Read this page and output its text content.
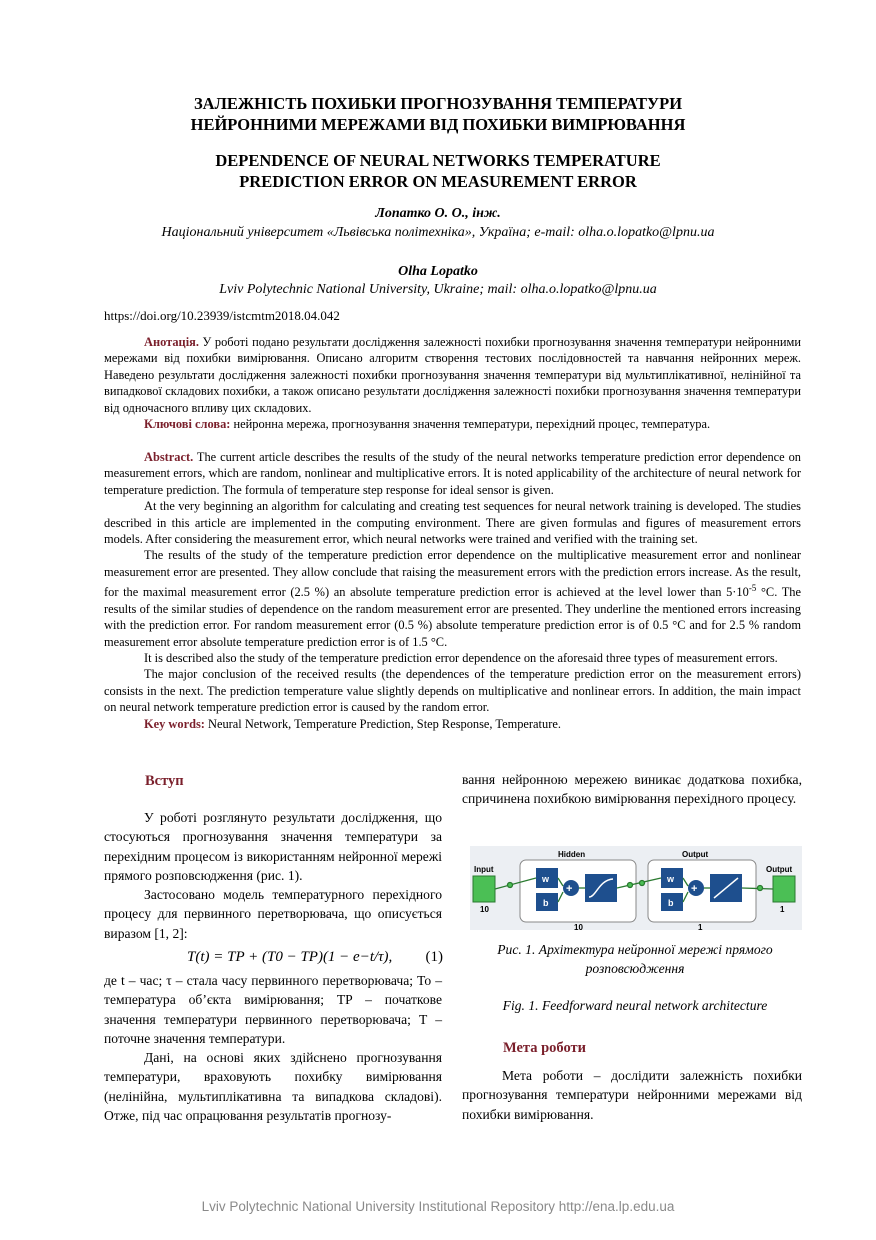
ЗАЛЕЖНІСТЬ ПОХИБКИ ПРОГНОЗУВАННЯ ТЕМПЕРАТУРИ
НЕЙРОННИМИ МЕРЕЖАМИ ВІД ПОХИБКИ ВИМІРЮВАННЯ
DEPENDENCE OF NEURAL NETWORKS TEMPERATURE
PREDICTION ERROR ON MEASUREMENT ERROR
Лопатко О. О., інж.
Національний університет «Львівська політехніка», Україна; e-mail: olha.o.lopatko@lpnu.ua
Olha Lopatko
Lviv Polytechnic National University, Ukraine; mail: olha.o.lopatko@lpnu.ua
https://doi.org/10.23939/istcmtm2018.04.042

Анотація. У роботі подано результати дослідження залежності похибки прогнозування значення температури нейронними мережами від похибки вимірювання. Описано алгоритм створення тестових послідовностей та навчання нейронних мереж. Наведено результати дослідження залежності похибки прогнозування значення температури від мультиплікативної, нелінійної та випадкової складових похибки, а також описано результати дослідження залежності похибки прогнозування значення температури від одночасного впливу цих складових.

Ключові слова: нейронна мережа, прогнозування значення температури, перехідний процес, температура.

Abstract. The current article describes the results of the study of the neural networks temperature prediction error dependence on measurement errors, which are random, nonlinear and multiplicative errors. It is noted applicability of the architecture of neural network for temperature prediction. The formula of temperature step response for ideal sensor is given.

At the very beginning an algorithm for calculating and creating test sequences for neural network training is developed. The studies described in this article are implemented in the computing environment. There are given formulas and figures of measurement errors models. After considering the measurement error, which neural networks were trained and verified with the training set.

The results of the study of the temperature prediction error dependence on the multiplicative measurement error and nonlinear measurement error are presented. They allow conclude that raising the measurement errors with the prediction errors increase. As the result, for the maximal measurement error (2.5 %) an absolute temperature prediction error is achieved at the level lower than $5\cdot 10^{-5}$ °C. The results of the similar studies of dependence on the random measurement error are presented. They underline the mentioned errors increasing with the prediction error. For random measurement error (0.5 %) absolute temperature prediction error is of 0.5 °C and for 2.5 % random measurement error absolute temperature prediction error is of 1.5 °C.

It is described also the study of the temperature prediction error dependence on the aforesaid three types of measurement errors.

The major conclusion of the received results (the dependences of the temperature prediction error on the measurement errors) consists in the next. The prediction temperature value slightly depends on multiplicative and nonlinear errors. In addition, the main impact on neural network temperature prediction error is caused by the random error.

Key words: Neural Network, Temperature Prediction, Step Response, Temperature.

Вступ

У роботі розглянуто результати дослідження, що стосуються прогнозування значення температури за перехідним процесом із використанням нейронної мережі прямого розповсюдження (рис. 1).

Застосовано модель температурного перехідного процесу для первинного перетворювача, що описується виразом [1, 2]:

T(t) = TP + (T0 − TP)(1 − e−t/τ), (1)

де t – час; τ – стала часу первинного перетворювача; To – температура об’єкта вимірювання; TP – початкове значення температури первинного перетворювача; T – поточне значення температури.

Дані, на основі яких здійснено прогнозування температури, враховують похибку вимірювання (нелінійна, мультиплікативна та випадкова складові). Отже, під час опрацювання результатів прогнозу-

вання нейронною мережею виникає додаткова похибка, спричинена похибкою вимірювання перехідного процесу.

Input
10
Hidden
w
b
+
10
Output
w
b
+
1
Output
1
Рис. 1. Архітектура нейронної мережі прямого розповсюдження
Fig. 1. Feedforward neural network architecture
Мета роботи

Мета роботи – дослідити залежність похибки прогнозування температури нейронними мережами від похибки вимірювання.

Lviv Polytechnic National University Institutional Repository http://ena.lp.edu.ua
